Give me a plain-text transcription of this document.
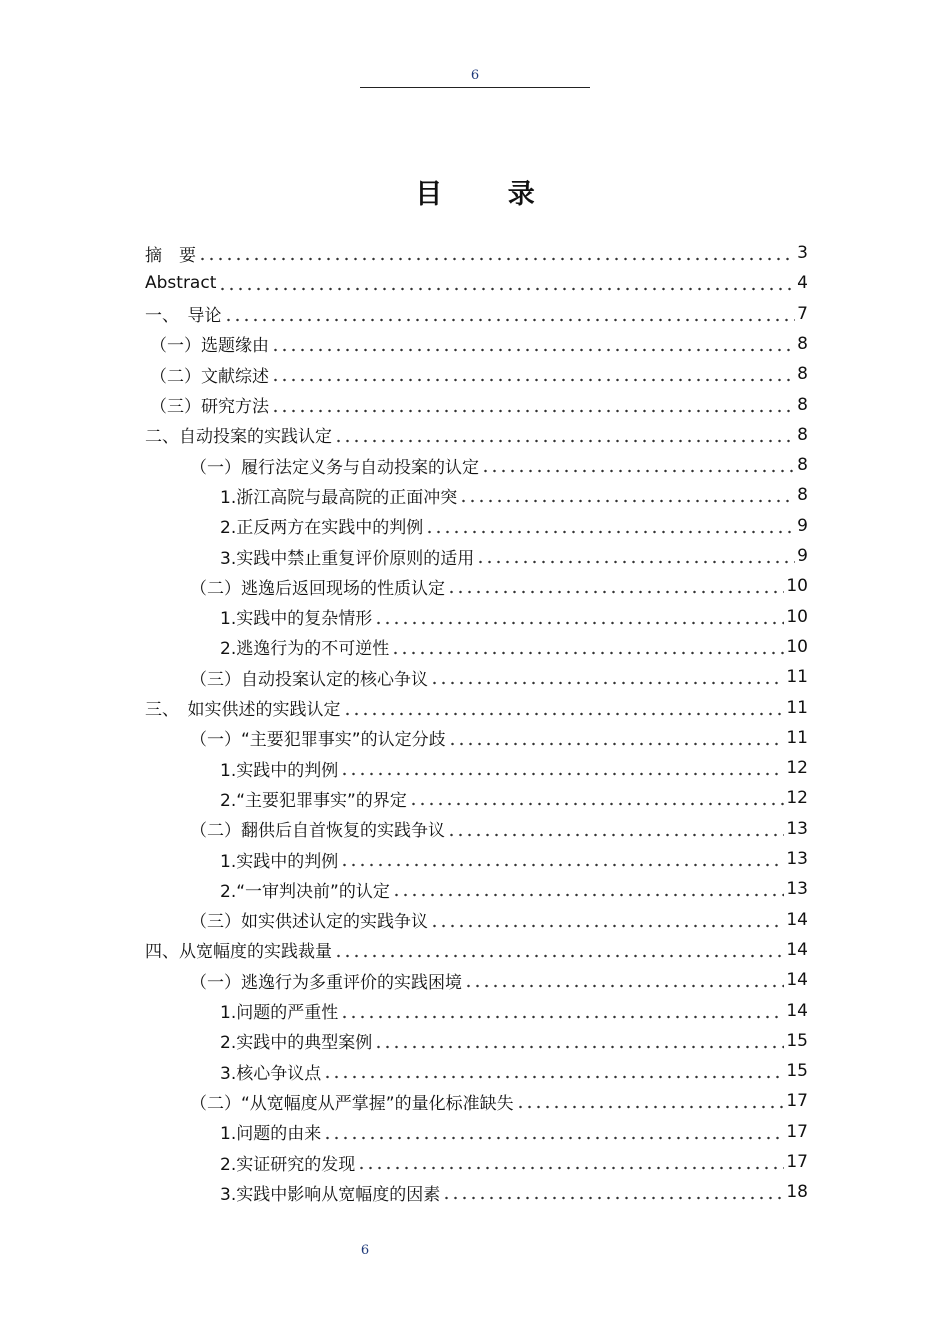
6
目 录
摘　要	3
Abstract	4
一、　导论	7
（一）选题缘由	8
（二）文献综述	8
（三）研究方法	8
二、自动投案的实践认定	8
（一）履行法定义务与自动投案的认定	8
1.浙江高院与最高院的正面冲突	8
2.正反两方在实践中的判例	9
3.实践中禁止重复评价原则的适用	9
（二）逃逸后返回现场的性质认定	10
1.实践中的复杂情形	10
2.逃逸行为的不可逆性	10
（三）自动投案认定的核心争议	11
三、　如实供述的实践认定	11
（一）“主要犯罪事实”的认定分歧	11
1.实践中的判例	12
2.“主要犯罪事实”的界定	12
（二）翻供后自首恢复的实践争议	13
1.实践中的判例	13
2.“一审判决前”的认定	13
（三）如实供述认定的实践争议	14
四、从宽幅度的实践裁量	14
（一）逃逸行为多重评价的实践困境	14
1.问题的严重性	14
2.实践中的典型案例	15
3.核心争议点	15
（二）“从宽幅度从严掌握”的量化标准缺失	17
1.问题的由来	17
2.实证研究的发现	17
3.实践中影响从宽幅度的因素	18
6
